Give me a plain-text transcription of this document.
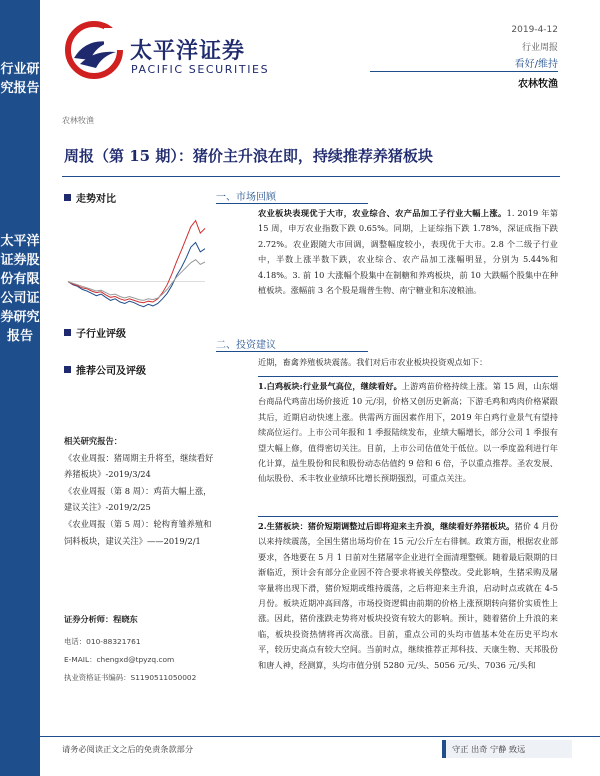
行业研究报告
太平洋证券股份有限公司证券研究报告
太平洋证券
PACIFIC SECURITIES
2019-4-12
行业周报
看好/维持
农林牧渔
农林牧渔
周报（第 15 期）：猪价主升浪在即，持续推荐养猪板块
走势对比
子行业评级
推荐公司及评级
相关研究报告：
《农业周报：猪周期主升将至，继续看好养猪板块》-2019/3/24
《农业周报（第 8 周）：鸡苗大幅上涨，建议关注》-2019/2/25
《农业周报（第 5 周）：轮构育雏养殖和饲料板块，建议关注》——2019/2/1
证券分析师：程晓东
电话：010-88321761
E-MAIL：chengxd@tpyzq.com
执业资格证书编码：S1190511050002
一、市场回顾
农业板块表现优于大市，农业综合、农产品加工子行业大幅上涨。1. 2019 年第 15 周，申万农业指数下跌 0.65%。同期，上证综指下跌 1.78%，深证成指下跌 2.72%。农业跟随大市回调，调整幅度较小，表现优于大市。2.8 个二级子行业中，半数上涨半数下跌，农业综合、农产品加工涨幅明显，分别为 5.44%和 4.18%。3. 前 10 大涨幅个股集中在制糖和养鸡板块，前 10 大跌幅个股集中在种植板块。涨幅前 3 名个股是瑞普生物、南宁糖业和东凌粮油。
二、投资建议
近期，畜禽养殖板块震荡。我们对后市农业板块投资观点如下：
1.白鸡板块:行业景气高位，继续看好。上游鸡苗价格持续上涨。第 15 周，山东烟台商品代鸡苗出场价接近 10 元/羽，价格又创历史新高；下游毛鸡和鸡肉价格紧跟其后，近期启动快速上涨。供需两方面因素作用下，2019 年白鸡行业景气有望持续高位运行。上市公司年报和 1 季报陆续发布，业绩大幅增长，部分公司 1 季报有望大幅上修，值得密切关注。目前，上市公司估值处于低位。以一季度盈利进行年化计算，益生股份和民和股份动态估值约 9 倍和 6 倍，予以重点推荐。圣农发展、仙坛股份、禾丰牧业业绩环比增长预期强烈，可重点关注。
2.生猪板块：猪价短期调整过后即将迎来主升浪，继续看好养猪板块。猪价 4 月份以来持续震荡，全国生猪出场均价在 15 元/公斤左右徘徊。政策方面，根据农业部要求，各地要在 5 月 1 日前对生猪屠宰企业进行全面清理整顿。随着最后限期的日渐临近，预计会有部分企业因不符合要求将被关停整改。受此影响，生猪采购及屠宰量将出现下滑，猪价短期或维持震荡，之后将迎来主升浪，启动时点或就在 4-5 月份。板块近期冲高回落，市场投资逻辑由前期的价格上涨预期转向猪价实质性上涨。因此，猪价涨跌走势将对板块投资有较大的影响。预计，随着猪价上升浪的来临，板块投资热情将再次高涨。目前，重点公司的头均市值基本处在历史平均水平，较历史高点有较大空间。当前时点，继续推荐正邦科技、天康生物、天邦股份和唐人神，经测算，头均市值分别 5280 元/头、5056 元/头、7036 元/头和
请务必阅读正文之后的免责条款部分	守正 出奇 宁静 致远
